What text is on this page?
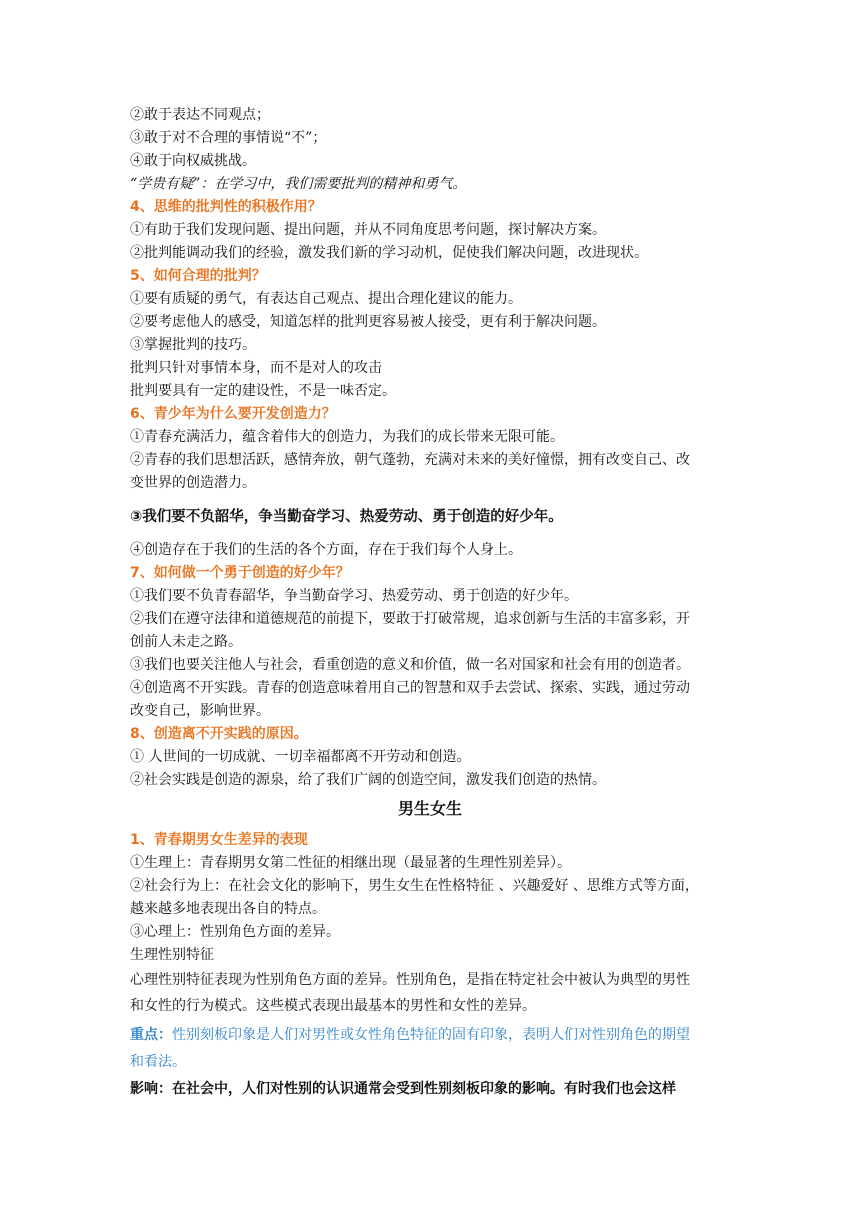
②敢于表达不同观点；
③敢于对不合理的事情说“不”；
④敢于向权威挑战。
“学贵有疑”：在学习中，我们需要批判的精神和勇气。
4、思维的批判性的积极作用？
①有助于我们发现问题、提出问题，并从不同角度思考问题，探讨解决方案。
②批判能调动我们的经验，激发我们新的学习动机，促使我们解决问题，改进现状。
5、如何合理的批判？
①要有质疑的勇气，有表达自己观点、提出合理化建议的能力。
②要考虑他人的感受，知道怎样的批判更容易被人接受，更有利于解决问题。
③掌握批判的技巧。
批判只针对事情本身，而不是对人的攻击
批判要具有一定的建设性，不是一味否定。
6、青少年为什么要开发创造力？
①青春充满活力，蕴含着伟大的创造力，为我们的成长带来无限可能。
②青春的我们思想活跃，感情奔放，朝气蓬勃，充满对未来的美好憧憬，拥有改变自己、改
变世界的创造潜力。
③我们要不负韶华，争当勤奋学习、热爱劳动、勇于创造的好少年。
④创造存在于我们的生活的各个方面，存在于我们每个人身上。
7、如何做一个勇于创造的好少年？
①我们要不负青春韶华，争当勤奋学习、热爱劳动、勇于创造的好少年。
②我们在遵守法律和道德规范的前提下，要敢于打破常规，追求创新与生活的丰富多彩，开
创前人未走之路。
③我们也要关注他人与社会，看重创造的意义和价值，做一名对国家和社会有用的创造者。
④创造离不开实践。青春的创造意味着用自己的智慧和双手去尝试、探索、实践，通过劳动
改变自己，影响世界。
8、创造离不开实践的原因。
① 人世间的一切成就、一切幸福都离不开劳动和创造。
②社会实践是创造的源泉，给了我们广阔的创造空间，激发我们创造的热情。
男生女生
1、青春期男女生差异的表现
①生理上：青春期男女第二性征的相继出现（最显著的生理性别差异）。
②社会行为上：在社会文化的影响下，男生女生在性格特征 、兴趣爱好 、思维方式等方面，
越来越多地表现出各自的特点。
③心理上：性别角色方面的差异。
生理性别特征
心理性别特征表现为性别角色方面的差异。性别角色，是指在特定社会中被认为典型的男性
和女性的行为模式。这些模式表现出最基本的男性和女性的差异。
重点：性别刻板印象是人们对男性或女性角色特征的固有印象，表明人们对性别角色的期望
和看法。
影响：在社会中，人们对性别的认识通常会受到性别刻板印象的影响。有时我们也会这样
